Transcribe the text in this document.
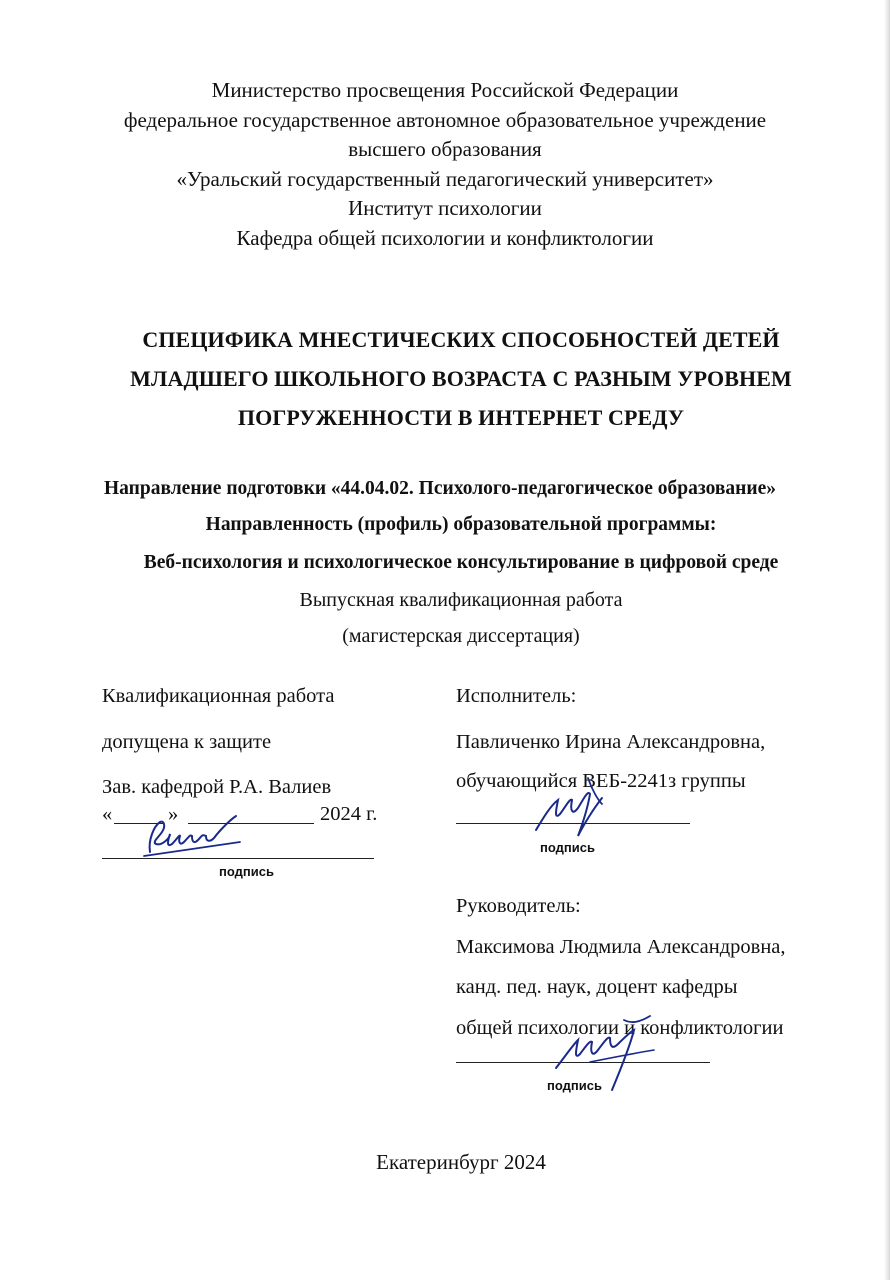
Министерство просвещения Российской Федерации
федеральное государственное автономное образовательное учреждение
высшего образования
«Уральский государственный педагогический университет»
Институт психологии
Кафедра общей психологии и конфликтологии
СПЕЦИФИКА МНЕСТИЧЕСКИХ СПОСОБНОСТЕЙ ДЕТЕЙ
МЛАДШЕГО ШКОЛЬНОГО ВОЗРАСТА С РАЗНЫМ УРОВНЕМ
ПОГРУЖЕННОСТИ В ИНТЕРНЕТ СРЕДУ
Направление подготовки «44.04.02. Психолого-педагогическое образование»
Направленность (профиль) образовательной программы:
Веб-психология и психологическое консультирование в цифровой среде
Выпускная квалификационная работа
(магистерская диссертация)
Квалификационная работа
допущена к защите
Зав. кафедрой Р.А. Валиев
«	»	2024 г.
подпись
Исполнитель:
Павличенко Ирина Александровна,
обучающийся ВЕБ-2241з группы
подпись
Руководитель:
Максимова Людмила Александровна,
канд. пед. наук, доцент кафедры
общей психологии и конфликтологии
подпись
Екатеринбург 2024
